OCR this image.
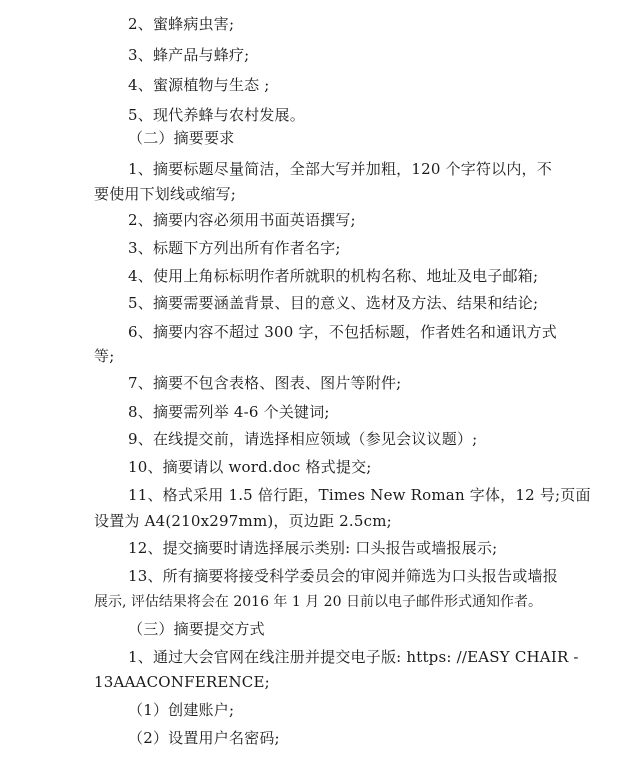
2、蜜蜂病虫害;
3、蜂产品与蜂疗;
4、蜜源植物与生态 ;
5、现代养蜂与农村发展。
（二）摘要要求
1、摘要标题尽量简洁，全部大写并加粗，120 个字符以内，不
要使用下划线或缩写;
2、摘要内容必须用书面英语撰写;
3、标题下方列出所有作者名字;
4、使用上角标标明作者所就职的机构名称、地址及电子邮箱;
5、摘要需要涵盖背景、目的意义、选材及方法、结果和结论;
6、摘要内容不超过 300 字，不包括标题，作者姓名和通讯方式
等;
7、摘要不包含表格、图表、图片等附件;
8、摘要需列举 4-6 个关键词;
9、在线提交前，请选择相应领域（参见会议议题）;
10、摘要请以 word.doc 格式提交;
11、格式采用 1.5 倍行距，Times New Roman 字体，12 号;页面
设置为 A4(210x297mm)，页边距 2.5cm;
12、提交摘要时请选择展示类别: 口头报告或墙报展示;
13、所有摘要将接受科学委员会的审阅并筛选为口头报告或墙报
展示, 评估结果将会在 2016 年 1 月 20 日前以电子邮件形式通知作者。
（三）摘要提交方式
1、通过大会官网在线注册并提交电子版: https: //EASY CHAIR -
13AAACONFERENCE;
（1）创建账户;
（2）设置用户名密码;
